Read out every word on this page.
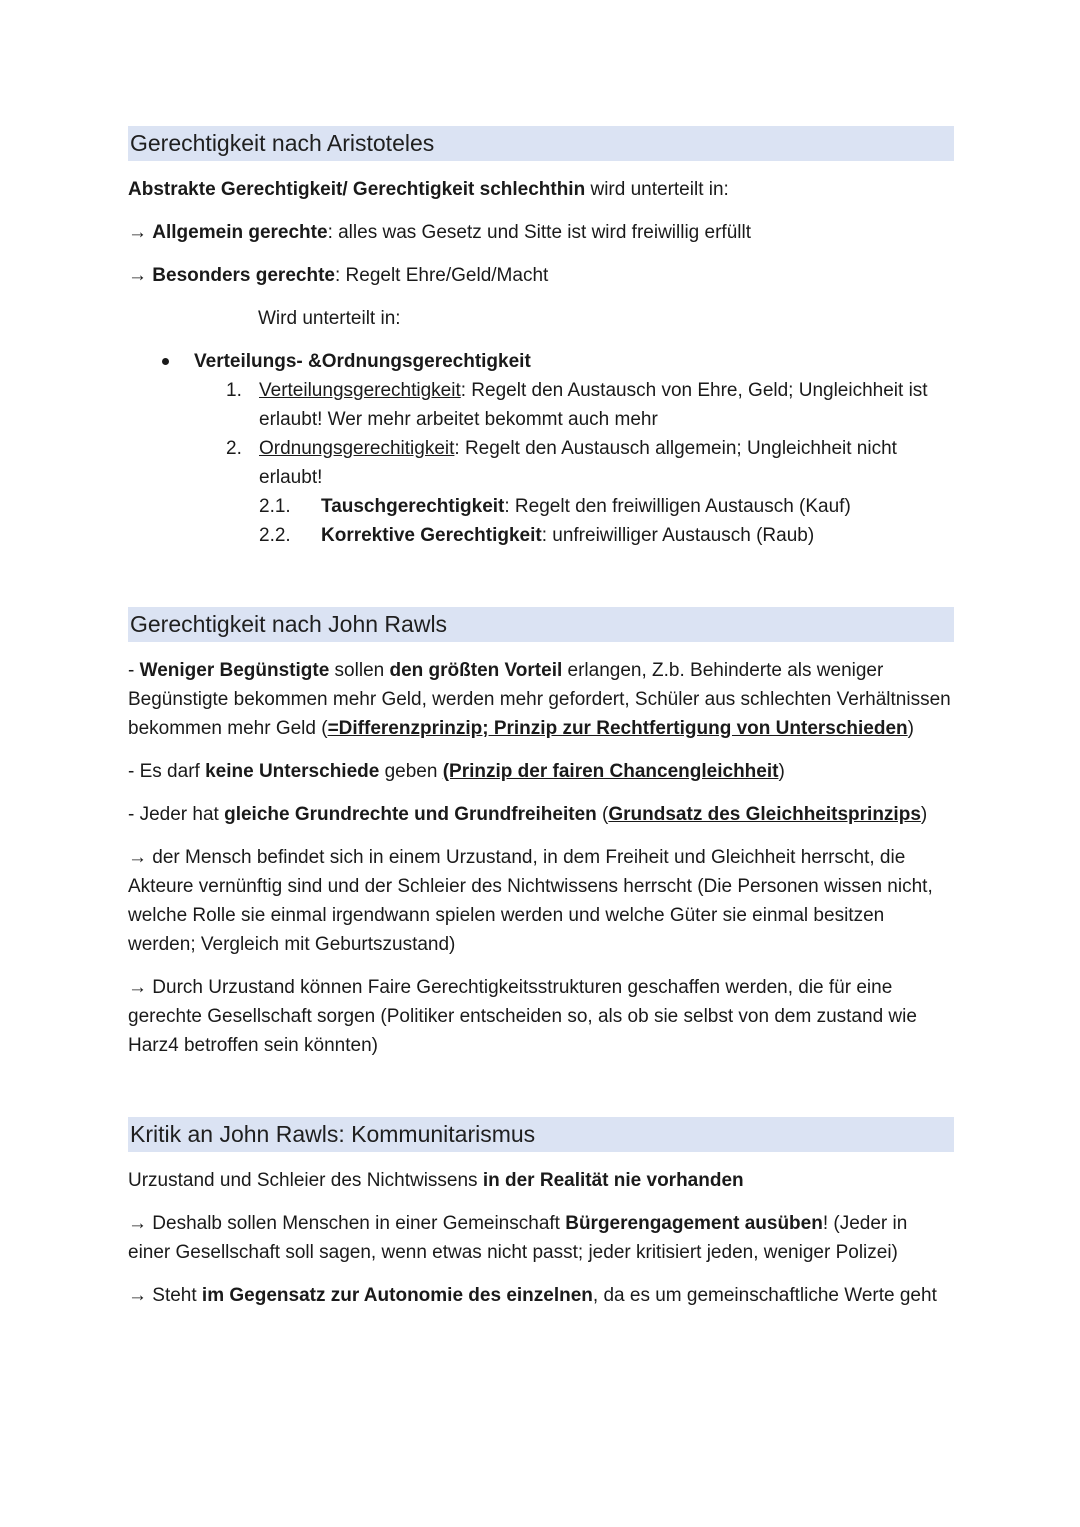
Gerechtigkeit nach Aristoteles
Abstrakte Gerechtigkeit/ Gerechtigkeit schlechthin wird unterteilt in:
→ Allgemein gerechte: alles was Gesetz und Sitte ist wird freiwillig erfüllt
→ Besonders gerechte: Regelt Ehre/Geld/Macht
Wird unterteilt in:
Verteilungs- &Ordnungsgerechtigkeit
1. Verteilungsgerechtigkeit: Regelt den Austausch von Ehre, Geld; Ungleichheit ist erlaubt! Wer mehr arbeitet bekommt auch mehr
2. Ordnungsgerechitigkeit: Regelt den Austausch allgemein; Ungleichheit nicht erlaubt!
2.1. Tauschgerechtigkeit: Regelt den freiwilligen Austausch (Kauf)
2.2. Korrektive Gerechtigkeit: unfreiwilliger Austausch (Raub)
Gerechtigkeit nach John Rawls
- Weniger Begünstigte sollen den größten Vorteil erlangen, Z.b. Behinderte als weniger Begünstigte bekommen mehr Geld, werden mehr gefordert, Schüler aus schlechten Verhältnissen bekommen mehr Geld (=Differenzprinzip; Prinzip zur Rechtfertigung von Unterschieden)
- Es darf keine Unterschiede geben (Prinzip der fairen Chancengleichheit)
- Jeder hat gleiche Grundrechte und Grundfreiheiten (Grundsatz des Gleichheitsprinzips)
→ der Mensch befindet sich in einem Urzustand, in dem Freiheit und Gleichheit herrscht, die Akteure vernünftig sind und der Schleier des Nichtwissens herrscht (Die Personen wissen nicht, welche Rolle sie einmal irgendwann spielen werden und welche Güter sie einmal besitzen werden; Vergleich mit Geburtszustand)
→ Durch Urzustand können Faire Gerechtigkeitsstrukturen geschaffen werden, die für eine gerechte Gesellschaft sorgen (Politiker entscheiden so, als ob sie selbst von dem zustand wie Harz4 betroffen sein könnten)
Kritik an John Rawls: Kommunitarismus
Urzustand und Schleier des Nichtwissens in der Realität nie vorhanden
→ Deshalb sollen Menschen in einer Gemeinschaft Bürgerengagement ausüben! (Jeder in einer Gesellschaft soll sagen, wenn etwas nicht passt; jeder kritisiert jeden, weniger Polizei)
→ Steht im Gegensatz zur Autonomie des einzelnen, da es um gemeinschaftliche Werte geht
